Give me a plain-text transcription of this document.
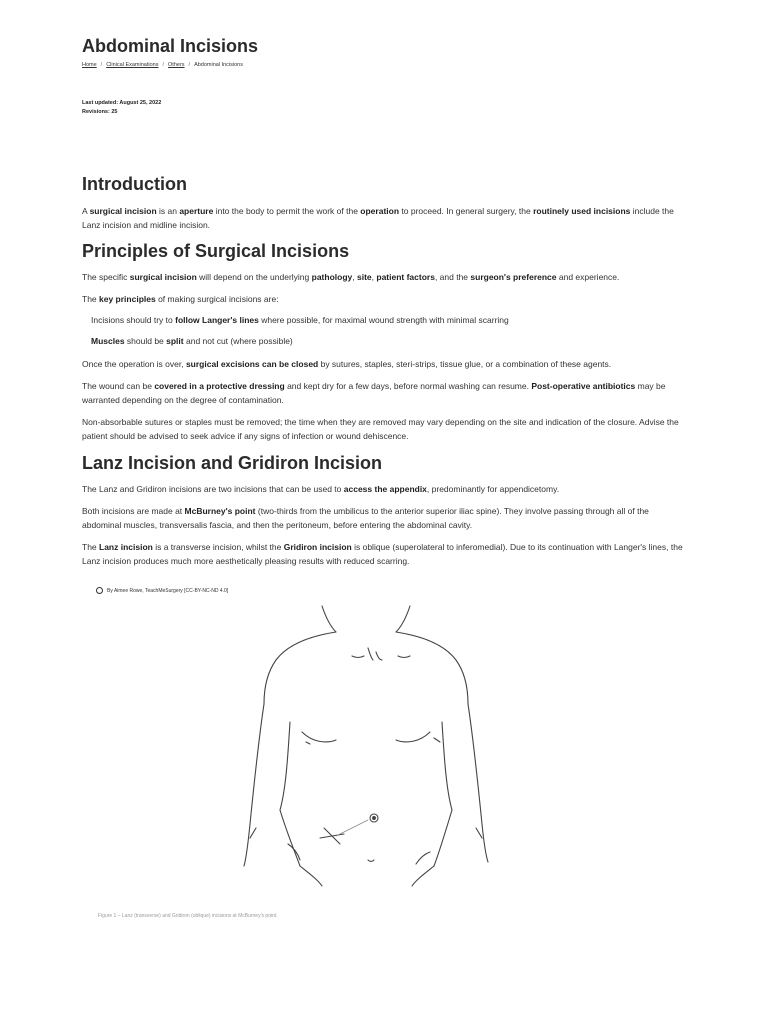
Abdominal Incisions
Home / Clinical Examinations / Others / Abdominal Incisions
Last updated: August 25, 2022
Revisions: 25
Introduction

A surgical incision is an aperture into the body to permit the work of the operation to proceed. In general surgery, the routinely used incisions include the Lanz incision and midline incision.

Principles of Surgical Incisions

The specific surgical incision will depend on the underlying pathology, site, patient factors, and the surgeon's preference and experience.

The key principles of making surgical incisions are:

Incisions should try to follow Langer's lines where possible, for maximal wound strength with minimal scarring
Muscles should be split and not cut (where possible)

Once the operation is over, surgical excisions can be closed by sutures, staples, steri-strips, tissue glue, or a combination of these agents.

The wound can be covered in a protective dressing and kept dry for a few days, before normal washing can resume. Post-operative antibiotics may be warranted depending on the degree of contamination.

Non-absorbable sutures or staples must be removed; the time when they are removed may vary depending on the site and indication of the closure. Advise the patient should be advised to seek advice if any signs of infection or wound dehiscence.

Lanz Incision and Gridiron Incision

The Lanz and Gridiron incisions are two incisions that can be used to access the appendix, predominantly for appendicetomy.

Both incisions are made at McBurney's point (two-thirds from the umbilicus to the anterior superior iliac spine). They involve passing through all of the abdominal muscles, transversalis fascia, and then the peritoneum, before entering the abdominal cavity.

The Lanz incision is a transverse incision, whilst the Gridiron incision is oblique (superolateral to inferomedial). Due to its continuation with Langer's lines, the Lanz incision produces much more aesthetically pleasing results with reduced scarring.

By Aimee Rowe, TeachMeSurgery [CC-BY-NC-ND 4.0]
Figure 1 – Lanz (transverse) and Gridiron (oblique) incisions at McBurney's point.
